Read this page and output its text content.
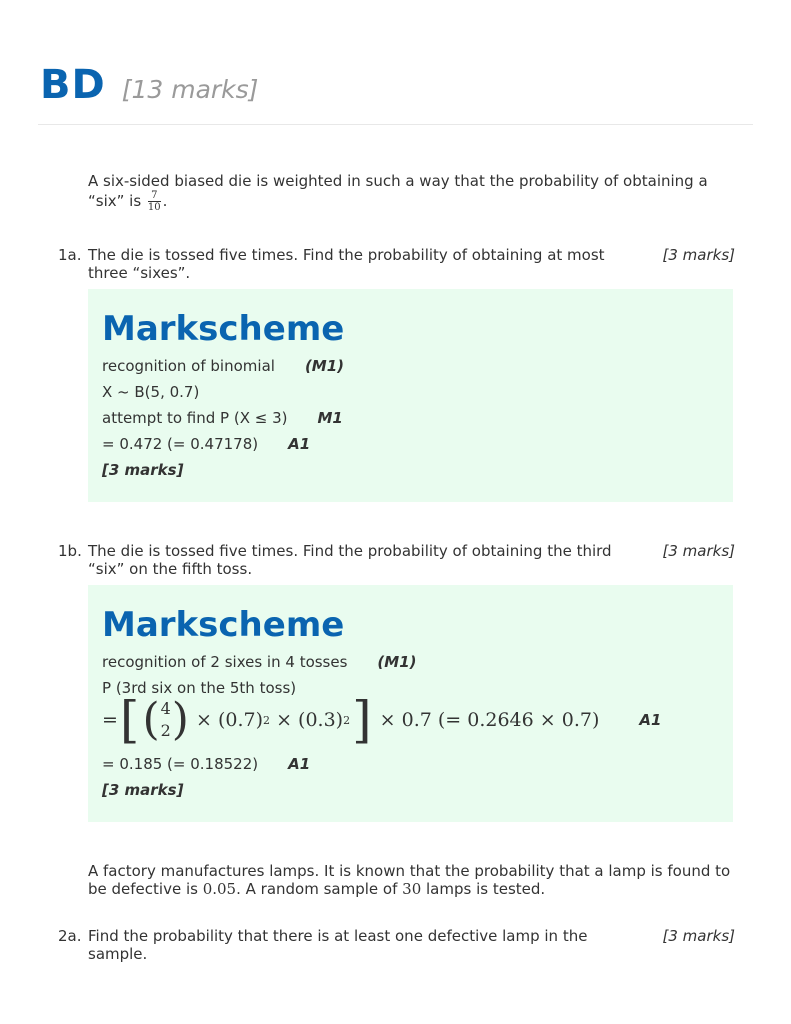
BD [13 marks]
A six-sided biased die is weighted in such a way that the probability of obtaining a “six” is $\frac{7}{10}$ .
1a. The die is tossed five times. Find the probability of obtaining at most three “sixes”.
[3 marks]
Markscheme
recognition of binomial (M1)
X ~ B(5, 0.7)
attempt to find P (X ≤ 3) M1
= 0.472 (= 0.47178) A1
[3 marks]
1b. The die is tossed five times. Find the probability of obtaining the third “six” on the fifth toss.
[3 marks]
Markscheme
recognition of 2 sixes in 4 tosses (M1)
P (3rd six on the 5th toss)
= [ ( 4
2 )
× (0.7) 2
× (0.3) 2 ]
× 0.7 (= 0.2646 × 0.7)	A1
= 0.185 (= 0.18522) A1
[3 marks]
A factory manufactures lamps. It is known that the probability that a lamp is found to be defective is 0.05. A random sample of 30 lamps is tested.
2a. Find the probability that there is at least one defective lamp in the sample.
[3 marks]
